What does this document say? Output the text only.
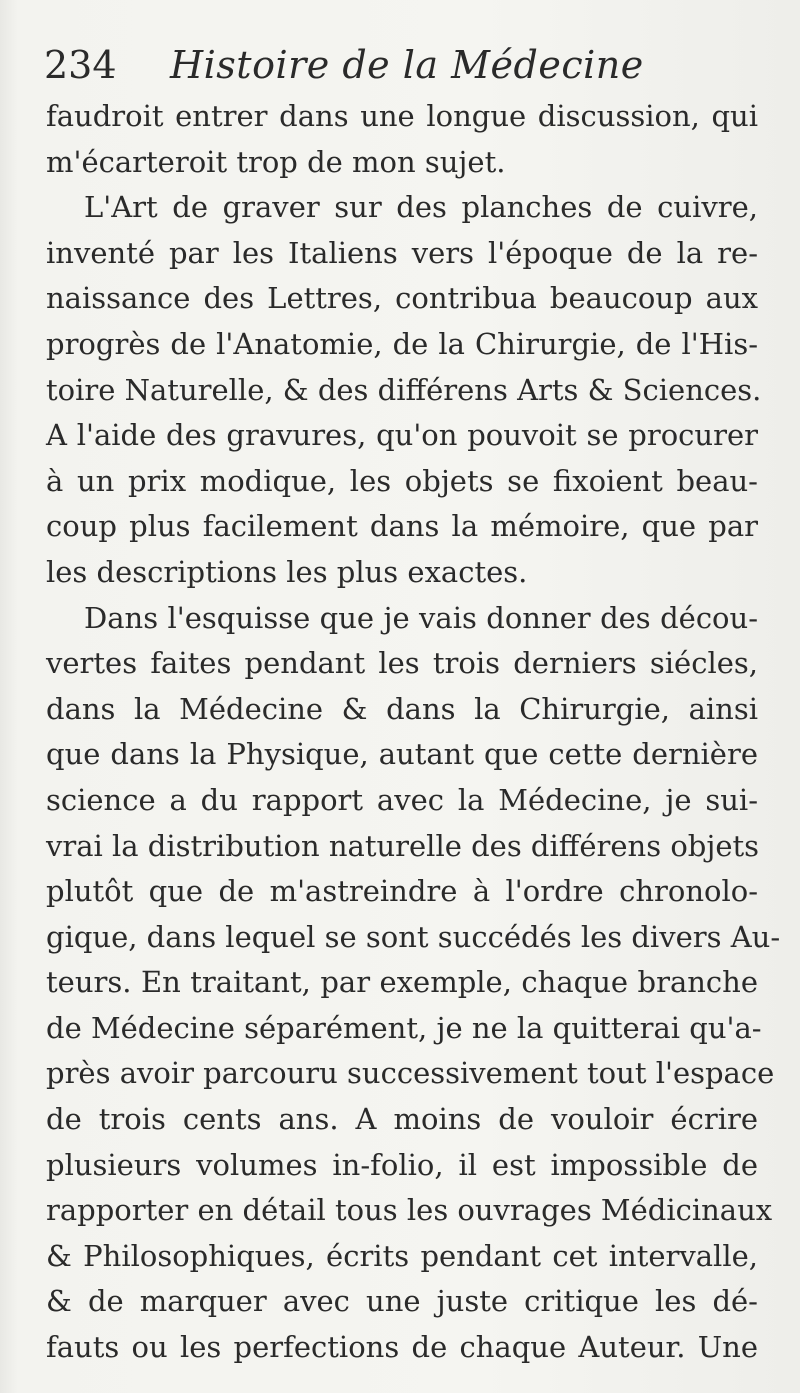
234 Histoire de la Médecine
faudroit entrer dans une longue discussion, qui
m'écarteroit trop de mon sujet.
L'Art de graver sur des planches de cuivre,
inventé par les Italiens vers l'époque de la re-
naissance des Lettres, contribua beaucoup aux
progrès de l'Anatomie, de la Chirurgie, de l'His-
toire Naturelle, & des différens Arts & Sciences.
A l'aide des gravures, qu'on pouvoit se procurer
à un prix modique, les objets se fixoient beau-
coup plus facilement dans la mémoire, que par
les descriptions les plus exactes.
Dans l'esquisse que je vais donner des décou-
vertes faites pendant les trois derniers siécles,
dans la Médecine & dans la Chirurgie, ainsi
que dans la Physique, autant que cette dernière
science a du rapport avec la Médecine, je sui-
vrai la distribution naturelle des différens objets
plutôt que de m'astreindre à l'ordre chronolo-
gique, dans lequel se sont succédés les divers Au-
teurs. En traitant, par exemple, chaque branche
de Médecine séparément, je ne la quitterai qu'a-
près avoir parcouru successivement tout l'espace
de trois cents ans. A moins de vouloir écrire
plusieurs volumes in-folio, il est impossible de
rapporter en détail tous les ouvrages Médicinaux
& Philosophiques, écrits pendant cet intervalle,
& de marquer avec une juste critique les dé-
fauts ou les perfections de chaque Auteur. Une
